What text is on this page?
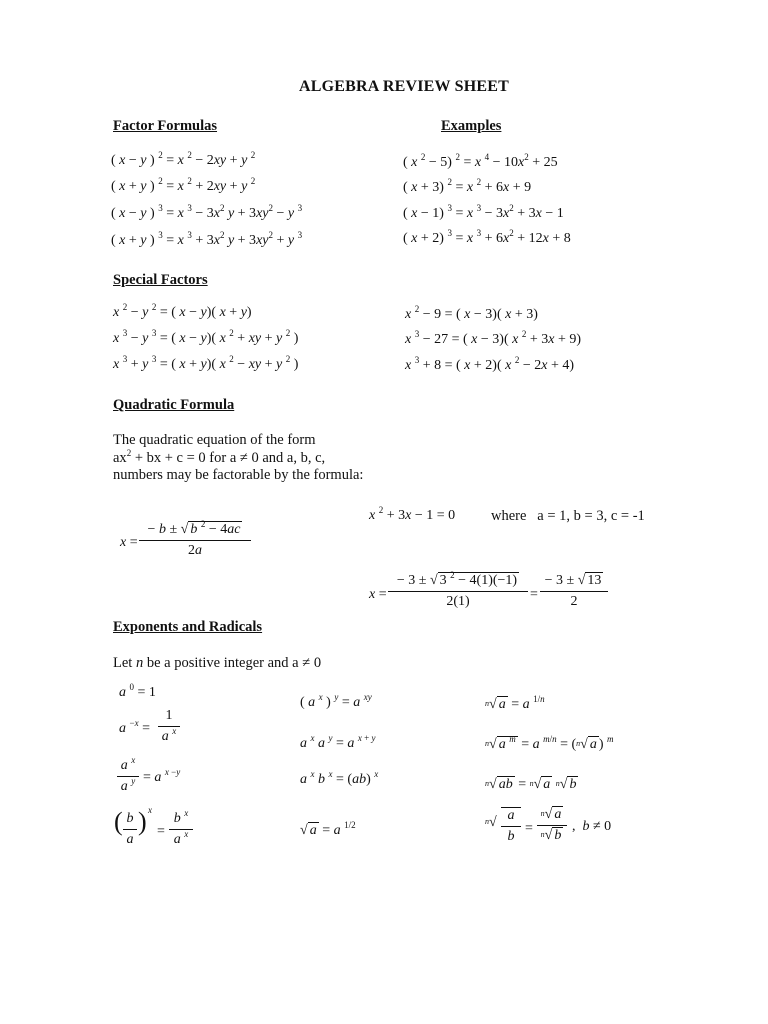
ALGEBRA REVIEW SHEET
Factor Formulas	Examples
Special Factors
Quadratic Formula
Exponents and Radicals
( x − y ) $^2$ = x $^2$ − 2xy + y $^2$
( x + y ) $^2$ = x $^2$ + 2xy + y $^2$
( x − y ) $^3$ = x $^3 - 3x^2$ $y + 3xy^2 - y$ $^3$
( x + y ) $^3$ = x $^3 + 3x^2$ $y + 3xy^2 + y$ $^3$
( x $^2$ − 5) $^2$ = x $^4 - 10x^2 + 25$
( x + 3) $^2$ = x $^2$ + 6x + 9
( x − 1) $^3$ = x $^3 - 3x^2 + 3x - 1$
( x + 2) $^3$ = x $^3 + 6x^2 + 12x + 8$
x $^2$ − y $^2$ = ( x − y)( x + y)
x $^3$ − y $^3$ = ( x − y)( x $^2$ + xy + y $^2$ )
x $^3$ + y $^3$ = ( x + y)( x $^2$ − xy + y $^2$ )
x $^2$ − 9 = ( x − 3)( x + 3)
x $^3$ − 27 = ( x − 3)( x $^2$ + 3x + 9)
x $^3$ + 8 = ( x + 2)( x $^2$ − 2x + 4)
The quadratic equation of the form
$ax^2$ + bx + c = 0 for a ≠ 0 and a, b, c,
numbers may be factorable by the formula:
x =
− b ± √ b $^2$ − 4ac
2a
x $^2$ + 3x − 1 = 0 where   a = 1, b = 3, c = -1
x =
− 3 ± √ 3 $^2$ − 4(1)(−1)
2(1)	=
− 3 ± √ 13
2
Let n be a positive integer and a ≠ 0
a $^0$ = 1
a $^{-x}$ =
1
a $^x$
a $^x$
a $^y$ = a $^{x -y}$
( b
a
) x
=
b $^x$
a $^x$
( a $^x$ ) $^y$ = a $^{xy}$
a $^x$ a $^y$ = a $^{x + y}$
a $^x$ b $^x$ = (ab) $^x$
√ a = a $^{1/2}$
n√ a = a $^{1/n}$
n√ a $^m$ = a $^{m/n}$ = (n√ a ) $^m$
n√ ab = n√ a n√ b
n√ a
b
=
n√ a
n√ b
,  b ≠ 0
